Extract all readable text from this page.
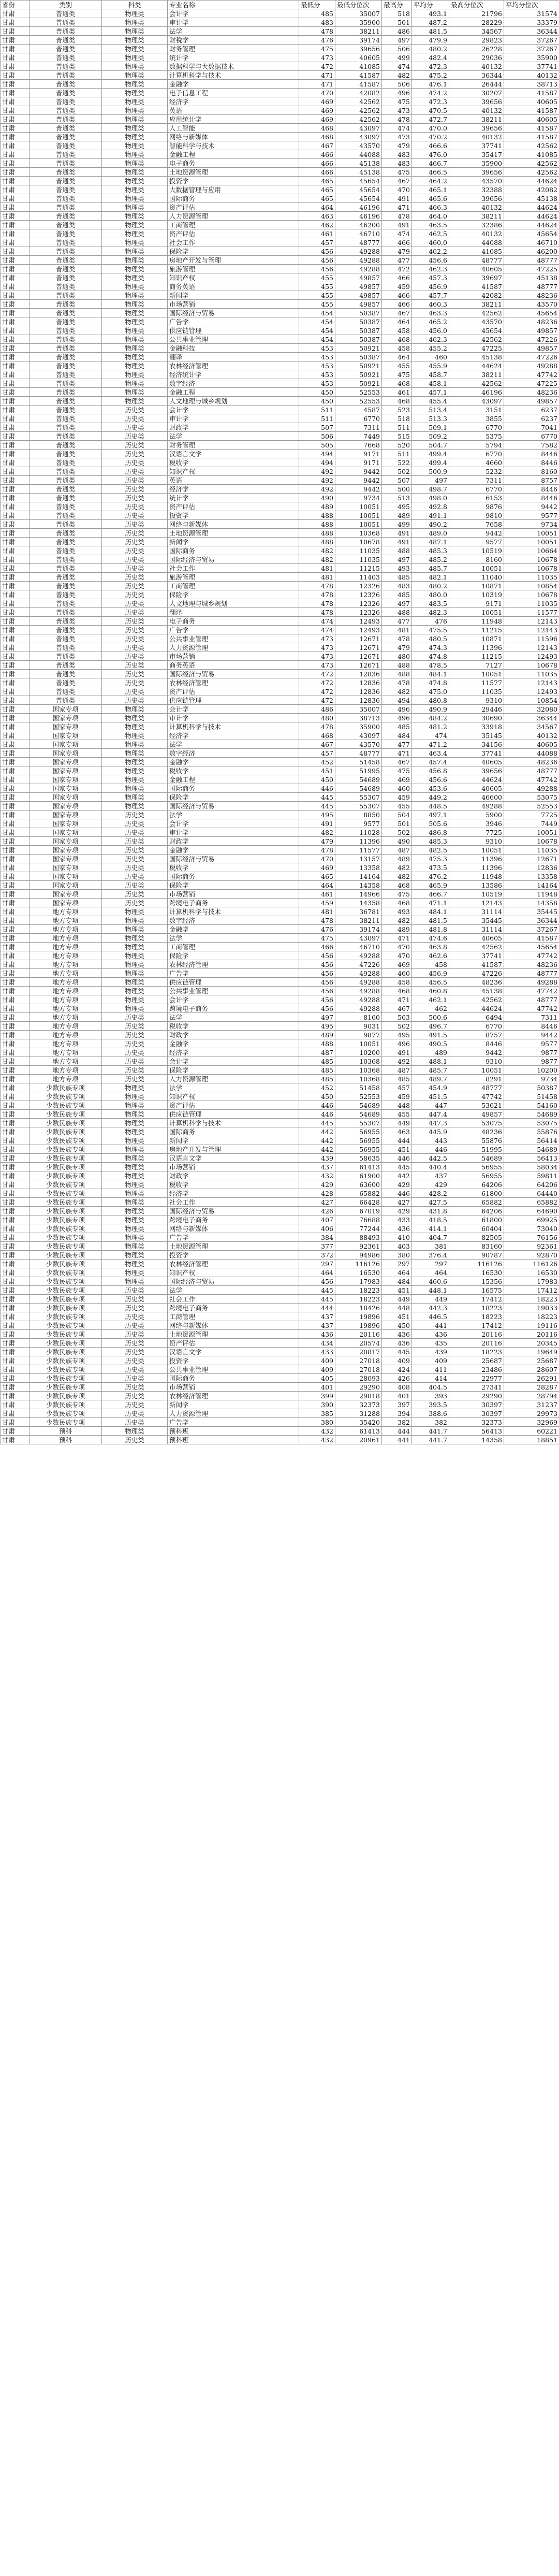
省份	类别	科类	专业名称	最低分	最低分位次	最高分	平均分	最高分位次	平均分位次
甘肃	普通类	物理类	会计学	485	35007	518	493.1	21796	31574
甘肃	普通类	物理类	审计学	483	35900	501	487.2	28229	33379
甘肃	普通类	物理类	法学	478	38211	486	481.5	34567	36344
甘肃	普通类	物理类	财税学	476	39174	497	479.9	29823	37267
甘肃	普通类	物理类	财务管理	475	39656	506	480.2	26228	37267
甘肃	普通类	物理类	统计学	473	40605	499	482.4	29036	35900
甘肃	普通类	物理类	数据科学与大数据技术	472	41085	474	472.3	40132	37741
甘肃	普通类	物理类	计算机科学与技术	471	41587	482	475.2	36344	40132
甘肃	普通类	物理类	金融学	471	41587	506	476.1	26444	38713
甘肃	普通类	物理类	电子信息工程	470	42082	496	474.2	30207	41587
甘肃	普通类	物理类	经济学	469	42562	475	472.3	39656	40605
甘肃	普通类	物理类	英语	469	42562	473	470.5	40132	41587
甘肃	普通类	物理类	应用统计学	469	42562	478	472.7	38211	40605
甘肃	普通类	物理类	人工智能	468	43097	474	470.0	39656	41587
甘肃	普通类	物理类	网络与新媒体	468	43097	473	470.2	40132	41587
甘肃	普通类	物理类	智能科学与技术	467	43570	479	466.6	37741	42562
甘肃	普通类	物理类	金融工程	466	44088	483	476.0	35417	41085
甘肃	普通类	物理类	电子商务	466	45138	483	466.7	35900	42562
甘肃	普通类	物理类	土地资源管理	466	45138	475	466.5	39656	42562
甘肃	普通类	物理类	投资学	465	45654	467	464.2	43570	44624
甘肃	普通类	物理类	大数据管理与应用	465	45654	470	465.1	32388	42082
甘肃	普通类	物理类	国际商务	465	45654	491	465.6	39656	45138
甘肃	普通类	物理类	资产评估	464	46196	471	466.3	40132	44624
甘肃	普通类	物理类	人力资源管理	463	46196	478	464.0	38211	44624
甘肃	普通类	物理类	工商管理	462	46200	491	463.5	32386	44624
甘肃	普通类	物理类	资产评估	461	46710	474	462.5	40132	45654
甘肃	普通类	物理类	社会工作	457	48777	466	460.0	44088	46710
甘肃	普通类	物理类	保险学	456	49288	479	462.2	41085	46200
甘肃	普通类	物理类	房地产开发与管理	456	49288	477	456.6	48777	48777
甘肃	普通类	物理类	旅游管理	456	49288	472	462.3	40605	47225
甘肃	普通类	物理类	知识产权	455	49857	466	457.3	39697	45138
甘肃	普通类	物理类	商务英语	455	49857	459	456.9	41587	48777
甘肃	普通类	物理类	新闻学	455	49857	466	457.7	42082	48236
甘肃	普通类	物理类	市场营销	455	49857	466	460.3	38211	43570
甘肃	普通类	物理类	国际经济与贸易	454	50387	467	463.3	42562	45654
甘肃	普通类	物理类	广告学	454	50387	464	465.2	43570	48236
甘肃	普通类	物理类	供应链管理	454	50387	458	456.0	45654	49857
甘肃	普通类	物理类	公共事业管理	454	50387	468	462.3	42562	47226
甘肃	普通类	物理类	金融科技	453	50921	458	455.2	47225	49857
甘肃	普通类	物理类	翻译	453	50387	464	460	45138	47226
甘肃	普通类	物理类	农林经济管理	453	50921	455	455.9	44624	49288
甘肃	普通类	物理类	经济统计学	453	50921	475	458.7	38211	47742
甘肃	普通类	物理类	数字经济	453	50921	468	458.1	42562	47225
甘肃	普通类	物理类	金融工程	450	52553	461	457.1	46196	48236
甘肃	普通类	物理类	人文地理与城乡规划	450	52553	468	455.4	43097	49857
甘肃	普通类	历史类	会计学	511	4587	523	513.4	3151	6237
甘肃	普通类	历史类	审计学	511	6770	518	513.3	3855	6237
甘肃	普通类	历史类	财政学	507	7311	511	509.1	6770	7041
甘肃	普通类	历史类	法学	506	7449	515	509.2	5375	6770
甘肃	普通类	历史类	财务管理	505	7668	520	504.7	5794	7582
甘肃	普通类	历史类	汉语言文学	494	9171	511	499.4	6770	8446
甘肃	普通类	历史类	税收学	494	9171	522	499.4	4660	8446
甘肃	普通类	历史类	知识产权	492	9442	502	500.9	5232	8160
甘肃	普通类	历史类	英语	492	9442	507	497	7311	8757
甘肃	普通类	历史类	经济学	492	9442	500	498.7	6770	8446
甘肃	普通类	历史类	统计学	490	9734	513	498.0	6153	8446
甘肃	普通类	历史类	资产评估	489	10051	495	492.8	9876	9442
甘肃	普通类	历史类	投资学	488	10051	489	491.1	9810	9577
甘肃	普通类	历史类	网络与新媒体	488	10051	499	490.2	7658	9734
甘肃	普通类	历史类	土地资源管理	488	10368	491	489.0	9442	10051
甘肃	普通类	历史类	新闻学	488	10678	491	487.1	9577	10051
甘肃	普通类	历史类	国际商务	482	11035	488	485.3	10519	10664
甘肃	普通类	历史类	国际经济与贸易	482	11035	497	485.2	8160	10678
甘肃	普通类	历史类	社会工作	481	11215	493	485.7	10051	10678
甘肃	普通类	历史类	旅游管理	481	11403	485	482.1	11040	11035
甘肃	普通类	历史类	工商管理	478	12326	483	480.2	10871	10854
甘肃	普通类	历史类	保险学	478	12326	485	480.0	10319	10678
甘肃	普通类	历史类	人文地理与城乡规划	478	12326	497	483.5	9171	11035
甘肃	普通类	历史类	翻译	478	12326	488	482.3	10051	11577
甘肃	普通类	历史类	电子商务	474	12493	477	476	11948	12143
甘肃	普通类	历史类	广告学	474	12493	481	475.5	11215	12143
甘肃	普通类	历史类	公共事业管理	473	12671	478	480.5	10871	11596
甘肃	普通类	历史类	人力资源管理	473	12671	479	474.3	11396	12143
甘肃	普通类	历史类	市场营销	473	12671	480	474.8	11215	12493
甘肃	普通类	历史类	商务英语	473	12671	488	478.5	7127	10678
甘肃	普通类	历史类	国际经济与贸易	472	12836	488	484.1	10051	11035
甘肃	普通类	历史类	农林经济管理	472	12836	478	474.8	11577	12143
甘肃	普通类	历史类	资产评估	472	12836	482	475.0	11035	12493
甘肃	普通类	历史类	供应链管理	472	12836	494	480.8	9310	10854
甘肃	国家专项	物理类	会计学	486	35007	496	490.9	29446	32080
甘肃	国家专项	物理类	审计学	480	38713	496	484.2	30690	36344
甘肃	国家专项	物理类	计算机科学与技术	478	35900	485	481.2	33918	34567
甘肃	国家专项	物理类	经济学	468	43097	484	474	35145	40132
甘肃	国家专项	物理类	法学	467	43570	477	471.2	34156	40605
甘肃	国家专项	物理类	数字经济	457	48777	471	463.4	37741	44088
甘肃	国家专项	物理类	金融学	452	51458	467	457.4	40605	48236
甘肃	国家专项	物理类	税收学	451	51995	475	456.8	39656	48777
甘肃	国家专项	物理类	金融工程	450	54689	469	456.6	44624	47742
甘肃	国家专项	物理类	国际商务	446	54689	460	453.6	40605	49288
甘肃	国家专项	物理类	保险学	445	55307	459	449.2	46600	53075
甘肃	国家专项	物理类	国际经济与贸易	445	55307	455	448.5	49288	52553
甘肃	国家专项	历史类	法学	495	8850	504	497.1	5900	7725
甘肃	国家专项	历史类	会计学	491	9577	501	505.6	3946	7449
甘肃	国家专项	历史类	审计学	482	11028	502	486.8	7725	10051
甘肃	国家专项	历史类	财政学	479	11396	490	485.3	9310	10678
甘肃	国家专项	历史类	金融学	478	11577	487	482.5	10051	11035
甘肃	国家专项	历史类	国际经济与贸易	470	13157	489	475.3	11396	12671
甘肃	国家专项	历史类	税收学	469	13358	482	473.5	11396	12836
甘肃	国家专项	历史类	国际商务	465	14164	482	476.2	11948	13358
甘肃	国家专项	历史类	保险学	464	14358	468	465.9	13586	14164
甘肃	国家专项	历史类	市场营销	461	14966	475	466.7	10519	11948
甘肃	国家专项	历史类	跨境电子商务	459	14358	468	471.1	12143	14358
甘肃	地方专项	物理类	计算机科学与技术	481	36781	493	484.1	31114	35445
甘肃	地方专项	物理类	数字经济	478	38211	482	481.5	35445	36344
甘肃	地方专项	物理类	金融学	476	39174	489	481.8	31114	37267
甘肃	地方专项	物理类	法学	475	43097	471	474.6	40605	41587
甘肃	地方专项	物理类	工商管理	466	46710	470	463.8	42562	45654
甘肃	地方专项	物理类	保险学	456	49288	470	462.6	37741	47742
甘肃	地方专项	物理类	农林经济管理	456	47226	469	458	41587	48236
甘肃	地方专项	物理类	广告学	456	49288	460	456.9	47226	48777
甘肃	地方专项	物理类	供应链管理	456	49288	458	456.5	48236	49288
甘肃	地方专项	物理类	公共事业管理	456	49288	468	460.8	45138	47742
甘肃	地方专项	物理类	会计学	456	49288	471	462.1	42562	48777
甘肃	地方专项	物理类	跨境电子商务	456	49288	467	462	44624	47742
甘肃	地方专项	历史类	法学	497	8160	503	500.6	6494	7311
甘肃	地方专项	历史类	税收学	495	9031	502	496.7	6770	8446
甘肃	地方专项	历史类	财政学	489	9877	495	491.5	8757	9442
甘肃	地方专项	历史类	金融学	488	10051	496	490.5	8446	9577
甘肃	地方专项	历史类	经济学	487	10200	491	489	9442	9877
甘肃	地方专项	历史类	会计学	485	10368	492	488.1	9310	9877
甘肃	地方专项	历史类	保险学	485	10368	487	485.7	10051	10200
甘肃	地方专项	历史类	人力资源管理	485	10368	485	489.7	8291	9734
甘肃	少数民族专项	物理类	法学	452	51458	457	454.9	48777	50387
甘肃	少数民族专项	物理类	知识产权	450	52553	459	451.5	47742	51458
甘肃	少数民族专项	物理类	资产评估	446	54689	448	447	53621	54160
甘肃	少数民族专项	物理类	供应链管理	446	54689	455	447.4	49857	54689
甘肃	少数民族专项	物理类	计算机科学与技术	445	55307	449	447.3	53075	53075
甘肃	少数民族专项	物理类	国际商务	442	56955	463	445.9	48236	55876
甘肃	少数民族专项	物理类	新闻学	442	56955	444	443	55876	56414
甘肃	少数民族专项	物理类	房地产开发与管理	442	56955	451	446	51995	54689
甘肃	少数民族专项	物理类	汉语言文学	439	58635	446	442.5	54689	56413
甘肃	少数民族专项	物理类	市场营销	437	61413	445	440.4	56955	58034
甘肃	少数民族专项	物理类	财政学	432	61900	442	437	56955	59811
甘肃	少数民族专项	物理类	税收学	429	63600	429	429	64206	64206
甘肃	少数民族专项	物理类	经济学	428	65882	446	428.2	61800	64440
甘肃	少数民族专项	物理类	社会工作	427	66428	427	427.5	65882	65882
甘肃	少数民族专项	物理类	国际经济与贸易	426	67019	429	431.8	64206	64690
甘肃	少数民族专项	物理类	跨境电子商务	407	76688	433	418.5	61800	69925
甘肃	少数民族专项	物理类	网络与新媒体	406	77244	436	414.1	60404	73040
甘肃	少数民族专项	物理类	广告学	384	88493	410	404.7	82505	76156
甘肃	少数民族专项	物理类	土地资源管理	377	92361	403	381	83160	92361
甘肃	少数民族专项	物理类	投资学	372	94986	380	376.4	90787	92870
甘肃	少数民族专项	物理类	农林经济管理	297	116126	297	297	116126	116126
甘肃	少数民族专项	物理类	知识产权	464	16530	464	464	16530	16530
甘肃	少数民族专项	物理类	国际经济与贸易	456	17983	484	460.6	15356	17983
甘肃	少数民族专项	历史类	法学	445	18223	451	448.1	16575	17412
甘肃	少数民族专项	历史类	社会工作	445	18223	449	449	17412	18223
甘肃	少数民族专项	历史类	跨境电子商务	444	18426	448	442.3	18223	19033
甘肃	少数民族专项	历史类	工商管理	437	19896	451	446.5	18223	18223
甘肃	少数民族专项	历史类	网络与新媒体	437	19896	450	441	17412	19116
甘肃	少数民族专项	历史类	土地资源管理	436	20116	436	436	20116	20116
甘肃	少数民族专项	历史类	资产评估	434	20574	436	435	20116	20345
甘肃	少数民族专项	历史类	汉语言文学	433	20817	445	439	18223	19649
甘肃	少数民族专项	历史类	投资学	409	27018	409	409	25687	25687
甘肃	少数民族专项	历史类	公共事业管理	409	27018	424	411	23486	28607
甘肃	少数民族专项	历史类	国际商务	405	28093	426	414	22977	26291
甘肃	少数民族专项	历史类	市场营销	401	29290	408	404.5	27341	28287
甘肃	少数民族专项	历史类	农林经济管理	399	29818	401	393	29290	28794
甘肃	少数民族专项	历史类	新闻学	390	32373	397	393.5	30397	31237
甘肃	少数民族专项	历史类	人力资源管理	385	31288	394	388.6	30397	29973
甘肃	少数民族专项	历史类	广告学	380	35420	382	382	32373	32969
甘肃	预科	物理类	预科班	432	61413	444	441.7	56413	60221
甘肃	预科	历史类	预科班	432	20961	441	441.7	14358	18851
